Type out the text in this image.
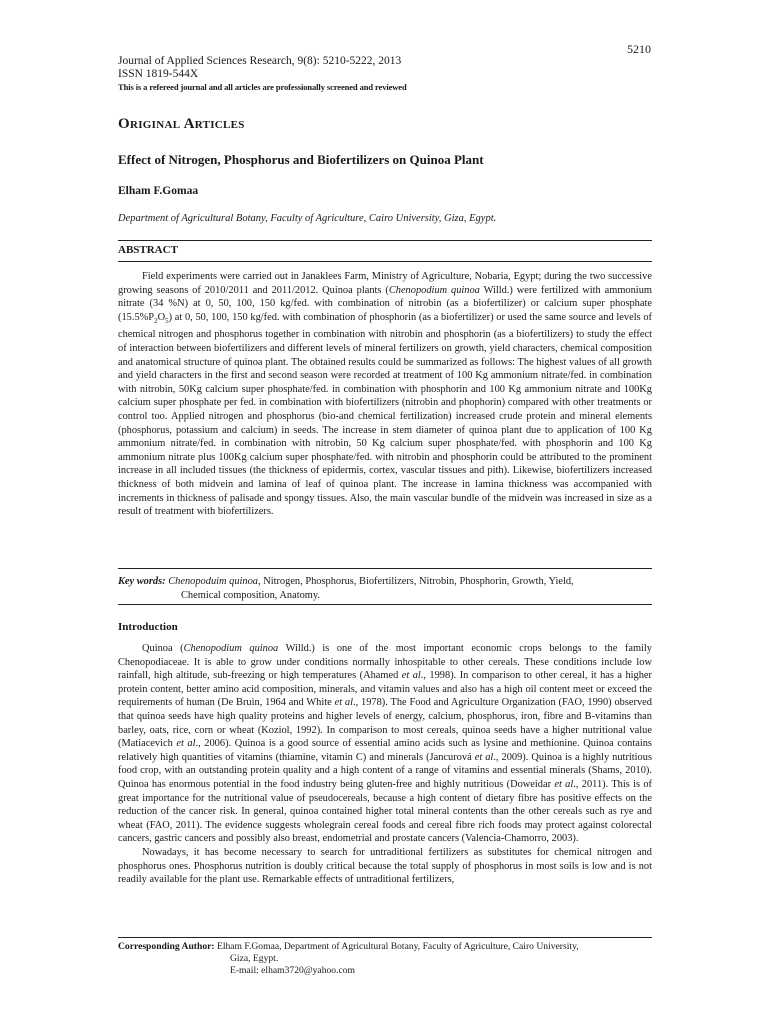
5210
Journal of Applied Sciences Research, 9(8): 5210-5222, 2013
ISSN 1819-544X
This is a refereed journal and all articles are professionally screened and reviewed
Original Articles
Effect of Nitrogen, Phosphorus and Biofertilizers on Quinoa Plant
Elham F.Gomaa
Department of Agricultural Botany, Faculty of Agriculture, Cairo University, Giza, Egypt.
ABSTRACT
Field experiments were carried out in Janaklees Farm, Ministry of Agriculture, Nobaria, Egypt; during the two successive growing seasons of 2010/2011 and 2011/2012. Quinoa plants (Chenopodium quinoa Willd.) were fertilized with ammonium nitrate (34 %N) at 0, 50, 100, 150 kg/fed. with combination of nitrobin (as a biofertilizer) or calcium super phosphate $(15.5\%P_2O_5)$ at 0, 50, 100, 150 kg/fed. with combination of phosphorin (as a biofertilizer) or used the same source and levels of chemical nitrogen and phosphorus together in combination with nitrobin and phosphorin (as a biofertilizers) to study the effect of interaction between biofertilizers and different levels of mineral fertilizers on growth, yield characters, chemical composition and anatomical structure of quinoa plant. The obtained results could be summarized as follows: The highest values of all growth and yield characters in the first and second season were recorded at treatment of 100 Kg ammonium nitrate/fed. in combination with nitrobin, 50Kg calcium super phosphate/fed. in combination with phosphorin and 100 Kg ammonium nitrate and 100Kg calcium super phosphate per fed. in combination with biofertilizers (nitrobin and phophorin) compared with other treatments or control too. Applied nitrogen and phosphorus (bio-and chemical fertilization) increased crude protein and mineral elements (phosphorus, potassium and calcium) in seeds. The increase in stem diameter of quinoa plant due to application of 100 Kg ammonium nitrate/fed. in combination with nitrobin, 50 Kg calcium super phosphate/fed. with phosphorin and 100 Kg ammonium nitrate plus 100Kg calcium super phosphate/fed. with nitrobin and phosphorin could be attributed to the prominent increase in all included tissues (the thickness of epidermis, cortex, vascular tissues and pith). Likewise, biofertilizers increased thickness of both midvein and lamina of leaf of quinoa plant. The increase in lamina thickness was accompanied with increments in thickness of palisade and spongy tissues. Also, the main vascular bundle of the midvein was increased in size as a result of treatment with biofertilizers.
Key words: Chenopoduim quinoa, Nitrogen, Phosphorus, Biofertilizers, Nitrobin, Phosphorin, Growth, Yield,
Chemical composition, Anatomy.
Introduction
Quinoa (Chenopodium quinoa Willd.) is one of the most important economic crops belongs to the family Chenopodiaceae. It is able to grow under conditions normally inhospitable to other cereals. These conditions include low rainfall, high altitude, sub-freezing or high temperatures (Ahamed et al., 1998). In comparison to other cereal, it has a higher protein content, better amino acid composition, minerals, and vitamin values and also has a high oil content meet or exceed the requirements of human (De Bruin, 1964 and White et al., 1978). The Food and Agriculture Organization (FAO, 1990) observed that quinoa seeds have high quality proteins and higher levels of energy, calcium, phosphorus, iron, fibre and B-vitamins than barley, oats, rice, corn or wheat (Koziol, 1992). In comparison to most cereals, quinoa seeds have a higher nutritional value (Matiacevich et al., 2006). Quinoa is a good source of essential amino acids such as lysine and methionine. Quinoa contains relatively high quantities of vitamins (thiamine, vitamin C) and minerals (Jancurová et al., 2009). Quinoa is a highly nutritious food crop, with an outstanding protein quality and a high content of a range of vitamins and essential minerals (Shams, 2010). Quinoa has enormous potential in the food industry being gluten-free and highly nutritious (Doweidar et al., 2011). This is of great importance for the nutritional value of pseudocereals, because a high content of dietary fibre has positive effects on the reduction of the cancer risk. In general, quinoa contained higher total mineral contents than the other cereals such as rye and wheat (FAO, 2011). The evidence suggests wholegrain cereal foods and cereal fibre rich foods may protect against colorectal cancers, gastric cancers and possibly also breast, endometrial and prostate cancers (Valencia-Chamorro, 2003).
Nowadays, it has become necessary to search for untraditional fertilizers as substitutes for chemical nitrogen and phosphorus ones. Phosphorus nutrition is doubly critical because the total supply of phosphorus in most soils is low and is not readily available for the plant use. Remarkable effects of untraditional fertilizers,
Corresponding Author: Elham F.Gomaa, Department of Agricultural Botany, Faculty of Agriculture, Cairo University,
Giza, Egypt.
E-mail: elham3720@yahoo.com
